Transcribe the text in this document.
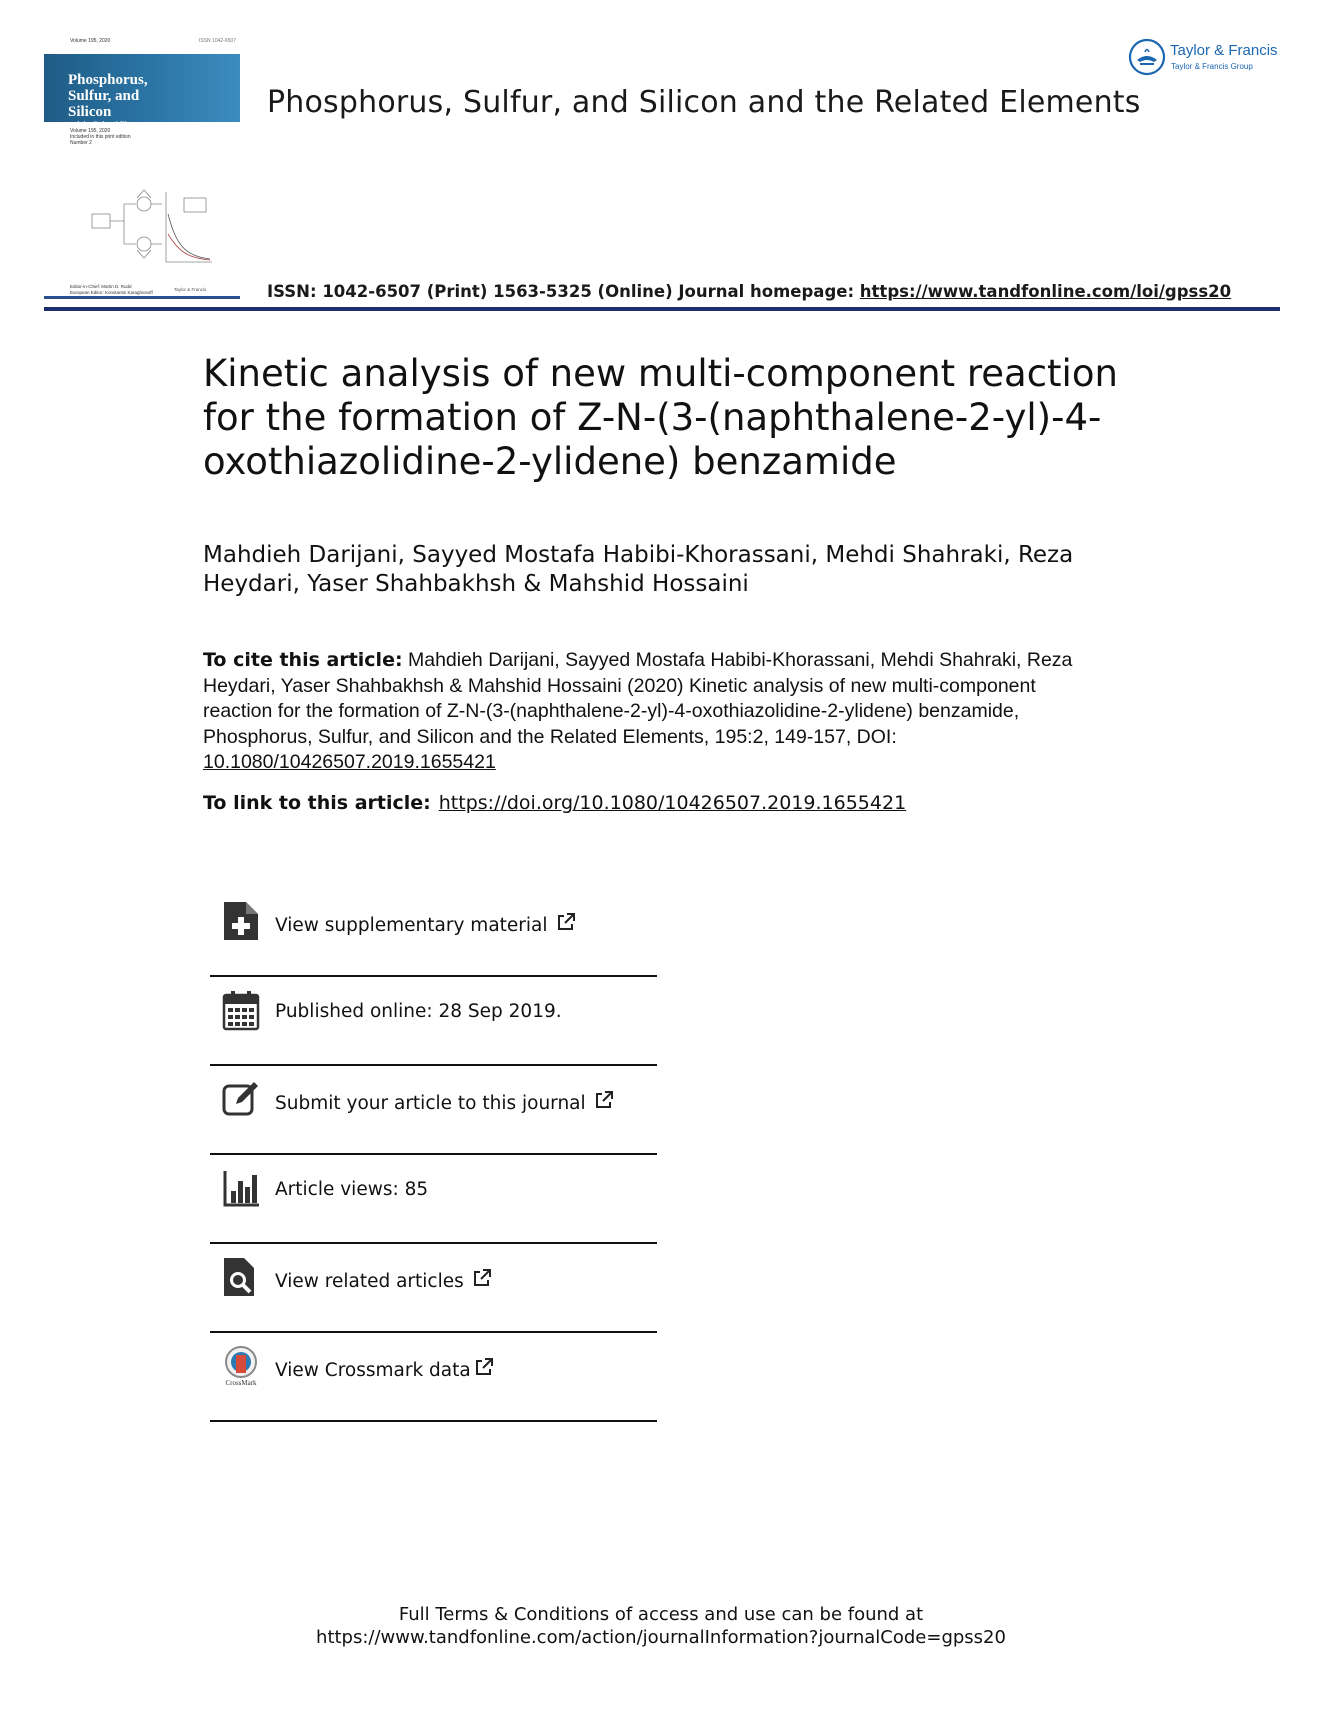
Volume 195, 2020	ISSN 1042-6507
Phosphorus,
Sulfur, and
Silicon
and the Related Elements
Volume 195, 2020
Included in this print edition
Number 2
Editor-in-Chief: Martin D. Rudd
European Editor: Konstantin Karaghiosoff	Taylor & Francis
Phosphorus, Sulfur, and Silicon and the Related Elements
Taylor & Francis
Taylor & Francis Group
ISSN: 1042-6507 (Print) 1563-5325 (Online) Journal homepage: https://www.tandfonline.com/loi/gpss20
Kinetic analysis of new multi-component reaction for the formation of Z-N-(3-(naphthalene-2-yl)-4-oxothiazolidine-2-ylidene) benzamide
Mahdieh Darijani, Sayyed Mostafa Habibi-Khorassani, Mehdi Shahraki, Reza Heydari, Yaser Shahbakhsh & Mahshid Hossaini
To cite this article: Mahdieh Darijani, Sayyed Mostafa Habibi-Khorassani, Mehdi Shahraki, Reza Heydari, Yaser Shahbakhsh & Mahshid Hossaini (2020) Kinetic analysis of new multi-component reaction for the formation of Z-N-(3-(naphthalene-2-yl)-4-oxothiazolidine-2-ylidene) benzamide, Phosphorus, Sulfur, and Silicon and the Related Elements, 195:2, 149-157, DOI: 10.1080/10426507.2019.1655421
To link to this article: https://doi.org/10.1080/10426507.2019.1655421
View supplementary material
Published online: 28 Sep 2019.
Submit your article to this journal
Article views: 85
View related articles
CrossMark
View Crossmark data
Full Terms & Conditions of access and use can be found at
https://www.tandfonline.com/action/journalInformation?journalCode=gpss20
